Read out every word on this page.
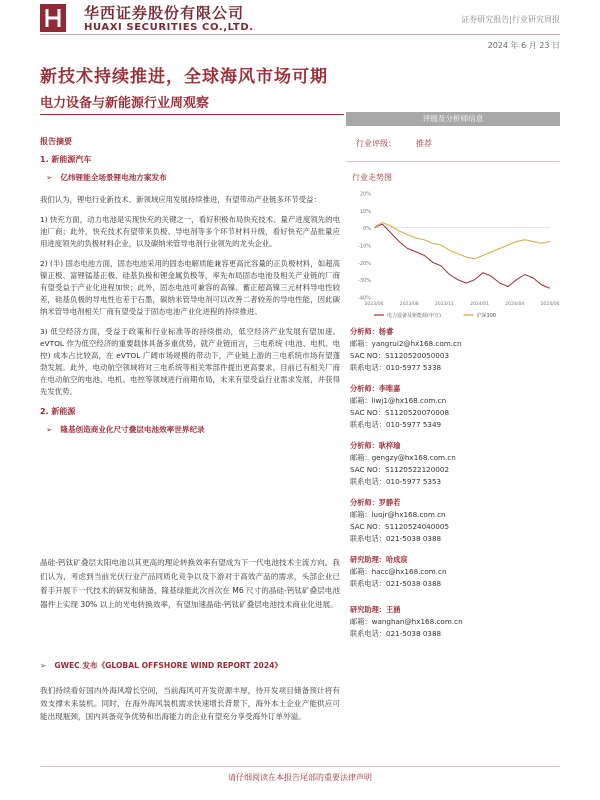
华西证券股份有限公司
HUAXI SECURITIES CO.,LTD.
证券研究报告|行业研究周报
2024 年 6 月 23 日
新技术持续推进，全球海风市场可期
电力设备与新能源行业周观察
报告摘要
1. 新能源汽车
➢ 亿纬锂能全场景锂电池方案发布

我们认为，锂电行业新技术、新领域应用发展持续推进，有望带动产业链多环节受益：

1) 快充方面，动力电池是实现快充的关键之一，看好积极布局快充技术、量产进度领先的电池厂商；此外，快充技术有望带来负极、导电剂等多个环节材料升级，看好快充产品批量应用进度领先的负极材料企业，以及碳纳米管导电剂行业领先的龙头企业。

2) (半) 固态电池方面，固态电池采用的固态电解质能兼容更高比容量的正负极材料，如超高镍正极、富锂锰基正极、硅基负极和锂金属负极等，率先布局固态电池及相关产业链的厂商有望受益于产业化进程加快；此外，固态电池可兼容的高镍、蓄正超高镍三元材料导电性较差，硅基负极的导电性也差于石墨，碳纳米管导电剂可以改善二者较差的导电性能，因此碳纳米管导电剂相关厂商有望受益于固态电池产业化进程的持续推进。

3) 低空经济方面，受益于政策和行业标准等的持续推动，低空经济产业发展有望加速。eVTOL 作为低空经济的重要载体具备多重优势，就产业链而言，三电系统 (电池、电机、电控) 成本占比较高，在 eVTOL 广阔市场规模的带动下，产业链上游的三电系统市场有望蓬勃发展。此外，电动航空领域将对三电系统等相关零部件提出更高要求，目前已有相关厂商在电动航空的电池、电机、电控等领域进行前期布局，未来有望受益行业需求发展，并获得先发优势。

2. 新能源
➢ 隆基创造商业化尺寸叠层电池效率世界纪录

晶硅-钙钛矿叠层太阳电池以其更高的理论转换效率有望成为下一代电池技术主流方向。我们认为，考虑到当前光伏行业产品同质化竞争以及下游对于高效产品的需求，头部企业已着手开展下一代技术的研发和储备，隆基绿能此次首次在 M6 尺寸的晶硅-钙钛矿叠层电池器件上实现 30% 以上的光电转换效率，有望加速晶硅-钙钛矿叠层电池技术商业化进展。

➢ GWEC 发布《GLOBAL OFFSHORE WIND REPORT 2024》

我们持续看好国内外海风增长空间，当前海风可开发资源丰厚，待开发项目储备预计将有效支撑未来装机。同时，在海外海风装机需求快速增长背景下，海外本土企业产能供应可能出现瓶颈，国内具备竞争优势和出海能力的企业有望充分享受海外订单外溢。

评级及分析师信息
行业评级：	推荐
行业走势图
20%
10%
0%
-10%
-20%
-30%
-40%
2023/06	2023/08	2023/11	2024/01	2024/04	2024/06
电力设备及新能源(申万)	沪深300
分析师：杨睿
邮箱：yangrui2@hx168.com.cn
SAC NO：S1120520050003
联系电话：010-5977 5338
分析师：李唯嘉
邮箱：liwj1@hx168.com.cn
SAC NO：S1120520070008
联系电话：010-5977 5349
分析师：耿梓瑜
邮箱：gengzy@hx168.com.cn
SAC NO：S1120522120002
联系电话：010-5977 5353
分析师：罗静若
邮箱：luojr@hx168.com.cn
SAC NO：S1120524040005
联系电话：021-5038 0388
研究助理：哈成宸
邮箱：hacc@hx168.com.cn
联系电话：021-5038 0388
研究助理：王涵
邮箱：wanghan@hx168.com.cn
联系电话：021-5038 0388
请仔细阅读在本报告尾部的重要法律声明
